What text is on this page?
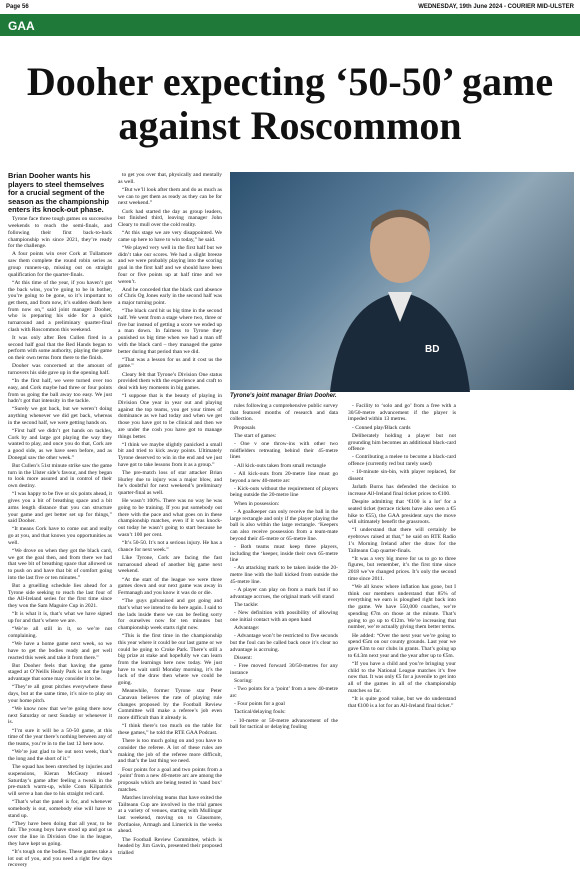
Page 56	WEDNESDAY, 19th June 2024 - COURIER MID-ULSTER
GAA
Dooher expecting ‘50-50’ game against Roscommon

Brian Dooher wants his players to steel themselves for a crucial segment of the season as the championship enters its knock-out phase.

Tyrone face three tough games on successive weekends to reach the semi-finals, and following their first back-to-back championship win since 2021, they’re ready for the challenge.

A four points win over Cork at Tullamore saw them complete the round robin series as group runners-up, missing out on straight qualification for the quarter-finals.

“At this time of the year, if you haven’t got the back wins, you’re going to be in bother, you’re going to be gone, so it’s important to get them, and from now, it’s sudden death here from now on,” said joint manager Dooher, who is preparing his side for a quick turnaround and a preliminary quarter-final clash with Roscommon this weekend.

It was only after Ben Cullen fired in a second half goal that the Red Hands began to perform with some authority, playing the game on their own terms from there to the finish.

Dooher was concerned at the amount of turnovers his side gave up in the opening half.

“In the first half, we were turned over too easy, and Cork maybe had three or four points from us going the ball away too easy. We just hadn’t got that intensity in the tackle.

“Surely we got back, but we weren’t doing anything whenever we did get back, whereas in the second half, we were getting hands on.

“First half we didn’t get hands on tackles, Cork by and large got playing the way they wanted to play, and once you do that, Cork are a good side, as we have seen before, and as Donegal saw the other week.”

But Cullen’s 51st minute strike saw the game turn in the Ulster side’s favour, and they began to look more assured and in control of their own destiny.

“I was happy to be five or six points ahead, it gives you a bit of breathing space and a bit arms length distance that you can structure your game and get better set up for things,” said Dooher.

“It means Cork have to come out and really go at you, and that knows you opportunities as well.

“We drove on when they got the black card, we got the goal then, and from there we had that wee bit of breathing space that allowed us to push on and have that bit of comfort going into the last five or ten minutes.”

But a gruelling schedule lies ahead for a Tyrone side seeking to reach the last four of the All-Ireland series for the first time since they won the Sam Maguire Cup in 2021.

“It is what it is, that’s what we have signed up for and that’s where we are.

“We’re all still in it, so we’re not complaining.

“We have a home game next week, so we have to get the bodies ready and get well reacted this week and take it from there.”

But Dooher feels that having the game staged at O’Neills Healy Park is not the huge advantage that some may consider it to be.

“They’re all great pitches everywhere these days, but at the same time, it’s nice to play on your home pitch.

“We know now that we’re going there now next Saturday or next Sunday or whenever it is.

“I’m sure it will be a 50-50 game, at this time of the year there’s nothing between any of the teams, you’re in to the last 12 here now.

“We’re just glad to be out next week, that’s the long and the short of it.”

The squad has been stretched by injuries and suspensions, Kieran McGeary missed Saturday’s game after feeling a tweak in the pre-match warm-up, while Conn Kilpatrick will serve a ban due to his straight red card.

“That’s what the panel is for, and whenever somebody is out, somebody else will have to stand up.

“They have been doing that all year, to be fair. The young boys have stood up and got us over the line in Division One in the league, they have kept us going.

“It’s tough on the bodies. These games take a lot out of you, and you need a right few days recovery

to get you over that, physically and mentally as well.

“But we’ll look after them and do as much as we can to get them as ready as they can be for next weekend.”

Cork had started the day as group leaders, but finished third, leaving manager John Cleary to mull over the cold reality.

“At this stage we are very disappointed. We came up here to have to win today,” he said.

“We played very well in the first half but we didn’t take our scores. We had a slight breeze and we were probably playing into the scoring goal in the first half and we should have been four or five points up at half time and we weren’t.

And he conceded that the black card absence of Chris Og Jones early in the second half was a major turning point.

“The black card hit us big time in the second half. We went from a stage where two, three or five bar instead of getting a score we ended up a man down. In fairness to Tyrone they punished us big time when we had a man off with the black card – they managed the game better during that period than we did.

“That was a lesson for us and it cost us the game.”

Cleary felt that Tyrone’s Division One status provided them with the experience and craft to deal with key moments in big games.

“I suppose that is the beauty of playing in Division One year in year out and playing against the top teams, you get your times of dominance as we had today and when we get those you have got to be clinical and then we are under the cosh you have got to manage things better.

“I think we maybe slightly panicked a small bit and tried to kick away points. Ultimately Tyrone deserved to win in the end and we just have got to take lessons from it as a group.”

The pre-match loss of star attacker Brian Hurley due to injury was a major blow, and he’s doubtful for next weekend’s preliminary quarter-final as well.

He wasn’t 100%. There was no way he was going to be training. If you put somebody out there with the pace and what goes on in these championship matches, even if it was knock-out today he wasn’t going to start because he wasn’t 100 per cent.

“It’s 50-50. It’s not a serious injury. He has a chance for next week.”

Like Tyrone, Cork are facing the fast turnaround ahead of another big game next weekend.

“At the start of the league we were three games down and our next game was away in Fermanagh and you know it was do or die.

“The guys galvanised and got going and that’s what we intend to do here again. I said to the lads inside there we can be feeling sorry for ourselves now for ten minutes but championship week starts right now.

“This is the first time in the championship this year where it could be our last game or we could be going to Croke Park. There’s still a big prize at stake and hopefully we can learn from the learnings here now today. We just have to wait until Monday morning, it’s the luck of the draw then where we could be going.

Meanwhile, former Tyrone star Peter Canavan believes the rate of playing rule changes proposed by the Football Review Committee will make a referee’s job even more difficult than it already is.

“I think there’s too much on the table for these games,” he told the RTE GAA Podcast.

There is too much going on and you have to consider the referee. A lot of these rules are making the job of the referee more difficult, and that’s the last thing we need.

Four points for a goal and two points from a ‘point’ from a new 40-metre arc are among the proposals which are being tested in ‘sand box’ matches.

Matches involving teams that have exited the Tailteann Cup are involved in the trial games at a variety of venues, starting with Mullingar last weekend, moving on to Glassmore, Portlaoise, Armagh and Limerick in the weeks ahead.

The Football Review Committee, which is headed by Jim Gavin, presented their proposed trialled

BD
Tyrone’s joint manager Brian Dooher.

rules following a comprehensive public survey that featured months of research and data collection.

Proposals

The start of games:

- One v one throw-ins with other two midfielders retreating behind their 45-metre lines

- All kick-outs taken from small rectangle

- All kick-outs from 20-metre line must go beyond a new 40-metre arc

- Kick-outs without the requirement of players being outside the 20-metre line

When in possession:

- A goalkeeper can only receive the ball in the large rectangle and only if the player playing the ball is also within the large rectangle. ‘Keepers can also receive possession from a team-mate beyond their 45-metre or 65-metre line.

- Both teams must keep three players, including the ‘keeper, inside their own 65-metre line

- An attacking mark to be taken inside the 20-metre line with the ball kicked from outside the 45-metre line.

- A player can play on from a mark but if no advantage accrues, the original mark will stand

The tackle:

- New definition with possibility of allowing one initial contact with an open hand

Advantage:

- Advantage won’t be restricted to five seconds but the foul can be called back once it’s clear no advantage is accruing.

Dissent:

- Free moved forward 30/50-metres for any instance

Scoring:

- Two points for a ‘point’ from a new 40-metre arc

- Four points for a goal

Tactical/delaying fouls:

- 10-metre or 50-metre advancement of the ball for tactical or delaying fouling

- Facility to ‘solo and go’ from a free with a 30/50-metre advancement if the player is impeded within 13 metres.

- Conned play/Black cards

Deliberately holding a player but not grounding him becomes an additional black-card offence

- Contributing a melee to become a black-card offence (currently red but rarely used)

- 10-minute sin-bin, with player replaced, for dissent

Jarlath Burns has defended the decision to increase All-Ireland final ticket prices to €100.

Despite admitting that ‘€100 is a lot’ for a seated ticket (terrace tickets have also seen a €5 hike to €55), the GAA president says the move will ultimately benefit the grassroots.

“I understand that there will certainly be eyebrows raised at that,” he said on RTE Radio 1’s Morning Ireland after the draw for the Tailteann Cup quarter-finals.

“It was a very big move for us to go to three figures, but remember, it’s the first time since 2018 we’ve changed prices. It’s only the second time since 2011.

“We all know where inflation has gone, but I think our members understand that 85% of everything we earn is ploughed right back into the game. We have 550,000 coaches, we’re spending €7m on those at the minute. That’s going to go up to €12m. We’re increasing that number, we’re actually giving them better terms.

He added: “Over the next year we’re going to spend €5m on our county grounds. Last year we gave €3m to our clubs in grants. That’s going up to €4.3m next year and the year after up to €5m.

“If you have a child and you’re bringing your child to the National League matches it’s free now that. It was only €5 for a juvenile to get into all of the games in all of the championship matches so far.

“It is quite good value, but we do understand that €100 is a lot for an All-Ireland final ticket.”
